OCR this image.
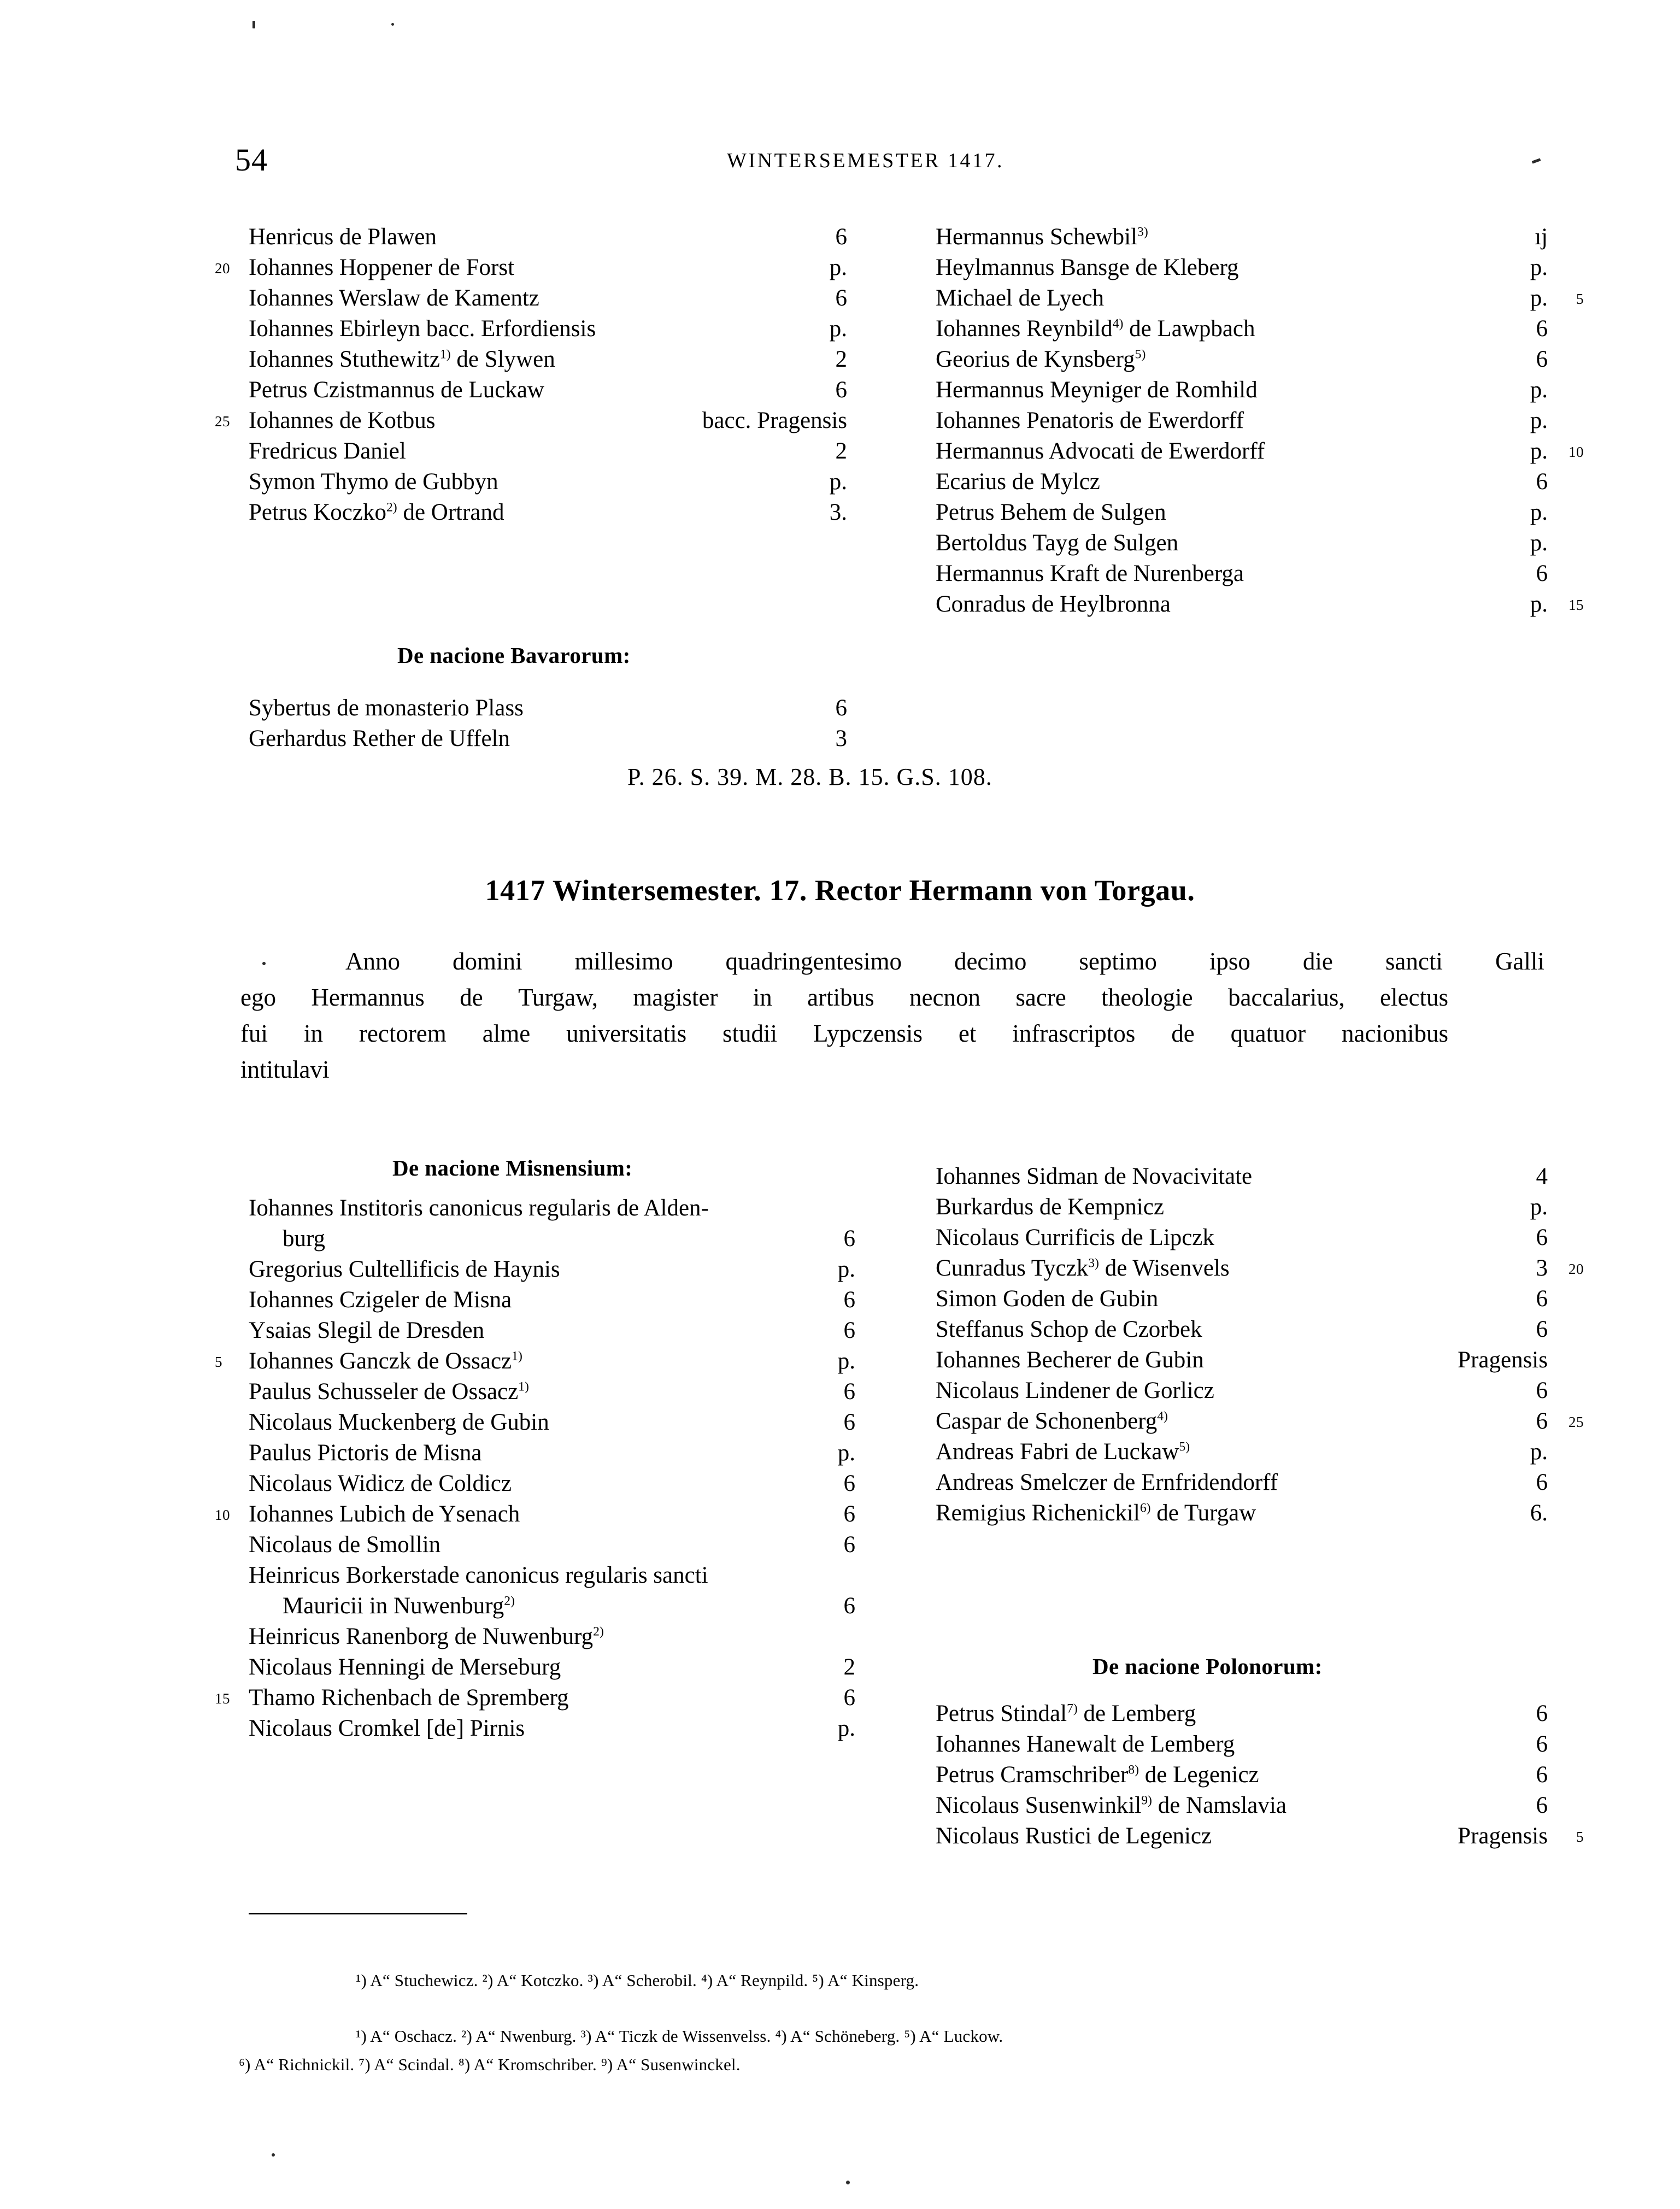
54	WINTERSEMESTER 1417.
Henricus de Plawen	6
20 Iohannes Hoppener de Forst	p.
Iohannes Werslaw de Kamentz	6
Iohannes Ebirleyn bacc. Erfordiensis	p.
Iohannes Stuthewitz$^{1)}$ de Slywen	2
Petrus Czistmannus de Luckaw	6
25 Iohannes de Kotbus	bacc. Pragensis
Fredricus Daniel	2
Symon Thymo de Gubbyn	p.
Petrus Koczko$^{2)}$ de Ortrand	3.
De nacione Bavarorum:
Sybertus de monasterio Plass	6
Gerhardus Rether de Uffeln	3
Hermannus Schewbil$^{3)}$	ıj
Heylmannus Bansge de Kleberg	p.
5
Michael de Lyech	p.
Iohannes Reynbild$^{4)}$ de Lawpbach	6
Georius de Kynsberg$^{5)}$	6
Hermannus Meyniger de Romhild	p.
Iohannes Penatoris de Ewerdorff	p.
10
Hermannus Advocati de Ewerdorff	p.
Ecarius de Mylcz	6
Petrus Behem de Sulgen	p.
Bertoldus Tayg de Sulgen	p.
Hermannus Kraft de Nurenberga	6
15
Conradus de Heylbronna	p.
P. 26. S. 39. M. 28. B. 15. G.S. 108.
1417 Wintersemester. 17. Rector Hermann von Torgau.
Anno	domini	millesimo	quadringentesimo	decimo	septimo	ipso	die	sancti	Galli
ego Hermannus de Turgaw, magister in artibus necnon sacre theologie baccalarius, electus
fui in rectorem alme universitatis studii Lypczensis et infrascriptos de quatuor nacionibus
intitulavi
De nacione Misnensium:
Iohannes Institoris canonicus regularis de Alden-
burg	6
Gregorius Cultellificis de Haynis	p.
Iohannes Czigeler de Misna	6
Ysaias Slegil de Dresden	6
5 Iohannes Ganczk de Ossacz$^{1)}$	p.
Paulus Schusseler de Ossacz$^{1)}$	6
Nicolaus Muckenberg de Gubin	6
Paulus Pictoris de Misna	p.
Nicolaus Widicz de Coldicz	6
10 Iohannes Lubich de Ysenach	6
Nicolaus de Smollin	6
Heinricus Borkerstade canonicus regularis sancti
Mauricii in Nuwenburg$^{2)}$	6
Heinricus Ranenborg de Nuwenburg$^{2)}$
Nicolaus Henningi de Merseburg	2
15 Thamo Richenbach de Spremberg	6
Nicolaus Cromkel [de] Pirnis	p.
Iohannes Sidman de Novacivitate	4
Burkardus de Kempnicz	p.
Nicolaus Currificis de Lipczk	6
20
Cunradus Tyczk$^{3)}$ de Wisenvels	3
Simon Goden de Gubin	6
Steffanus Schop de Czorbek	6
Iohannes Becherer de Gubin	Pragensis
Nicolaus Lindener de Gorlicz	6
25
Caspar de Schonenberg$^{4)}$	6
Andreas Fabri de Luckaw$^{5)}$	p.
Andreas Smelczer de Ernfridendorff	6
Remigius Richenickil$^{6)}$ de Turgaw	6.
De nacione Polonorum:
Petrus Stindal$^{7)}$ de Lemberg	6
Iohannes Hanewalt de Lemberg	6
Petrus Cramschriber$^{8)}$ de Legenicz	6
Nicolaus Susenwinkil$^{9)}$ de Namslavia	6
5
Nicolaus Rustici de Legenicz	Pragensis
¹) A“ Stuchewicz. ²) A“ Kotczko. ³) A“ Scherobil. ⁴) A“ Reynpild. ⁵) A“ Kinsperg.
¹) A“ Oschacz. ²) A“ Nwenburg. ³) A“ Ticzk de Wissenvelss. ⁴) A“ Schöneberg. ⁵) A“ Luckow.
⁶) A“ Richnickil. ⁷) A“ Scindal. ⁸) A“ Kromschriber. ⁹) A“ Susenwinckel.
